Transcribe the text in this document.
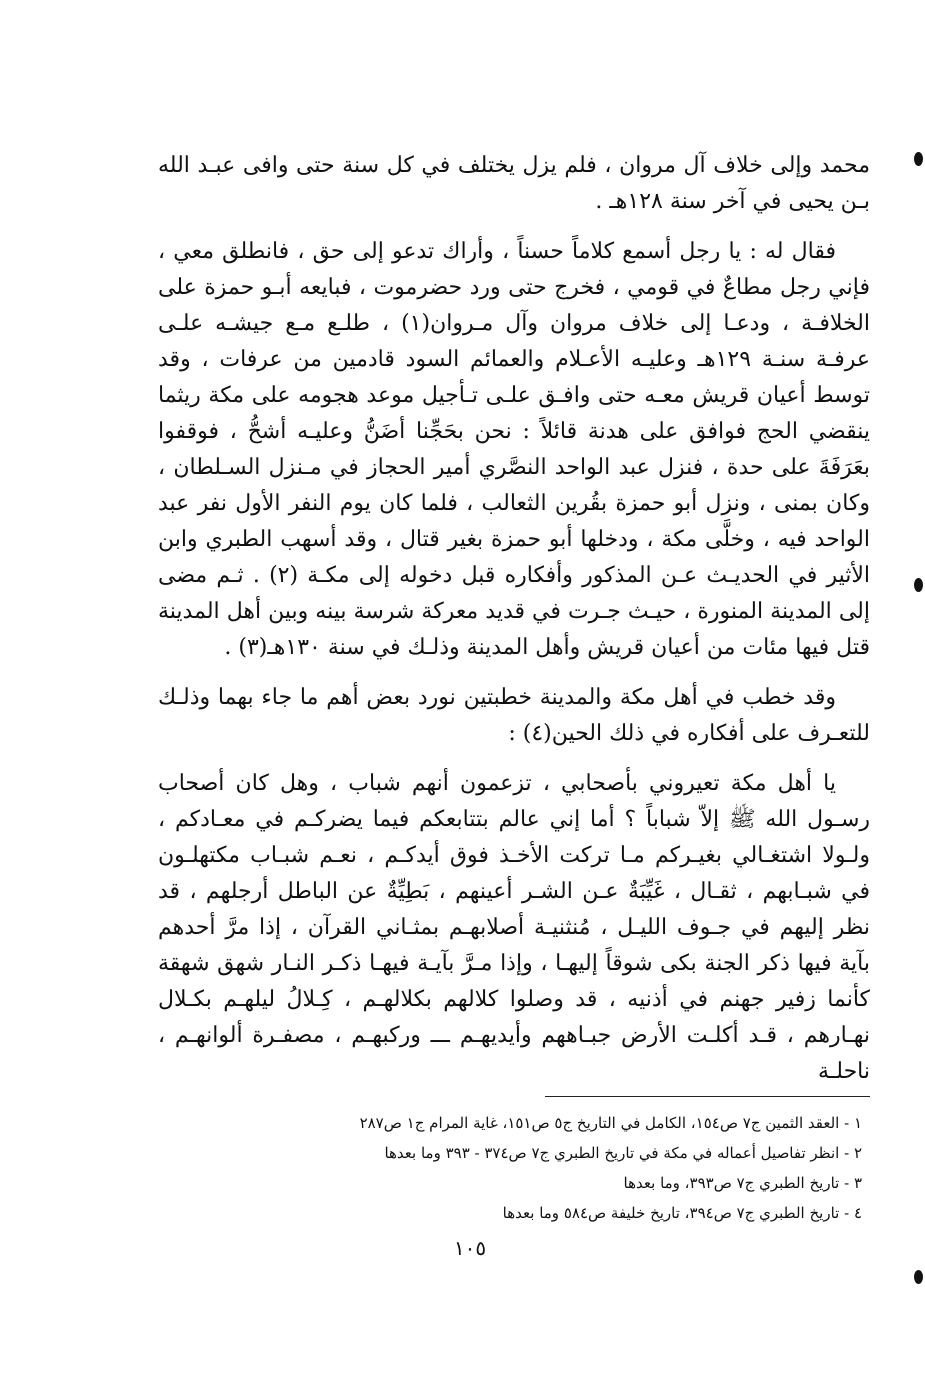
محمد وإلى خلاف آل مروان ، فلم يزل يختلف في كل سنة حتى وافى عبـد الله بـن يحيى في آخر سنة ١٢٨هـ .

فقال له : يا رجل أسمع كلاماً حسناً ، وأراك تدعو إلى حق ، فانطلق معي ، فإني رجل مطاعٌ في قومي ، فخرج حتى ورد حضرموت ، فبايعه أبـو حمزة على الخلافـة ، ودعـا إلى خلاف مروان وآل مـروان(١) ، طلـع مـع جيشـه علـى عرفـة سنـة ١٢٩هـ وعليـه الأعـلام والعمائم السود قادمين من عرفات ، وقد توسط أعيان قريش معـه حتى وافـق علـى تـأجيل موعد هجومه على مكة ريثما ينقضي الحج فوافق على هدنة قائلاً : نحن بحَجِّنا أضَنُّ وعليـه أشحُّ ، فوقفوا بعَرَفَةَ على حدة ، فنزل عبد الواحد النصَّري أمير الحجاز في مـنزل السـلطان ، وكان بمنى ، ونزل أبو حمزة بقُرين الثعالب ، فلما كان يوم النفر الأول نفر عبد الواحد فيه ، وخلَّى مكة ، ودخلها أبو حمزة بغير قتال ، وقد أسهب الطبري وابن الأثير في الحديـث عـن المذكور وأفكاره قبل دخوله إلى مكـة (٢) . ثـم مضى إلى المدينة المنورة ، حيـث جـرت في قديد معركة شرسة بينه وبين أهل المدينة قتل فيها مئات من أعيان قريش وأهل المدينة وذلـك في سنة ١٣٠هـ(٣) .

وقد خطب في أهل مكة والمدينة خطبتين نورد بعض أهم ما جاء بهما وذلـك للتعـرف على أفكاره في ذلك الحين(٤) :

يا أهل مكة تعيروني بأصحابي ، تزعمون أنهم شباب ، وهل كان أصحاب رسـول الله ﷺ إلاّ شباباً ؟ أما إني عالم بتتابعكم فيما يضركـم في معـادكم ، ولـولا اشتغـالي بغيـركم مـا تركت الأخـذ فوق أيدكـم ، نعـم شبـاب مكتهلـون في شبـابهم ، ثقـال ، غَيِّبَةٌ عـن الشـر أعينهم ، بَطِيِّةٌ عن الباطل أرجلهم ، قد نظر إليهم في جـوف الليـل ، مُنثنيـة أصلابهـم بمثـاني القرآن ، إذا مرَّ أحدهم بآية فيها ذكر الجنة بكى شوقاً إليهـا ، وإذا مـرَّ بآيـة فيهـا ذكـر النـار شهق شهقة كأنما زفير جهنم في أذنيه ، قد وصلوا كلالهم بكلالهـم ، كِـلالُ ليلهـم بكـلال نهـارهم ، قـد أكلـت الأرض جبـاههم وأيديهـم ـــ وركبهـم ، مصفـرة ألوانهـم ، ناحلـة

١ - العقد الثمين ج٧ ص١٥٤، الكامل في التاريخ ج٥ ص١٥١، غاية المرام ج١ ص٢٨٧
٢ - انظر تفاصيل أعماله في مكة في تاريخ الطبري ج٧ ص٣٧٤ - ٣٩٣ وما بعدها
٣ - تاريخ الطبري ج٧ ص٣٩٣، وما بعدها
٤ - تاريخ الطبري ج٧ ص٣٩٤، تاريخ خليفة ص٥٨٤ وما بعدها
١٠٥
